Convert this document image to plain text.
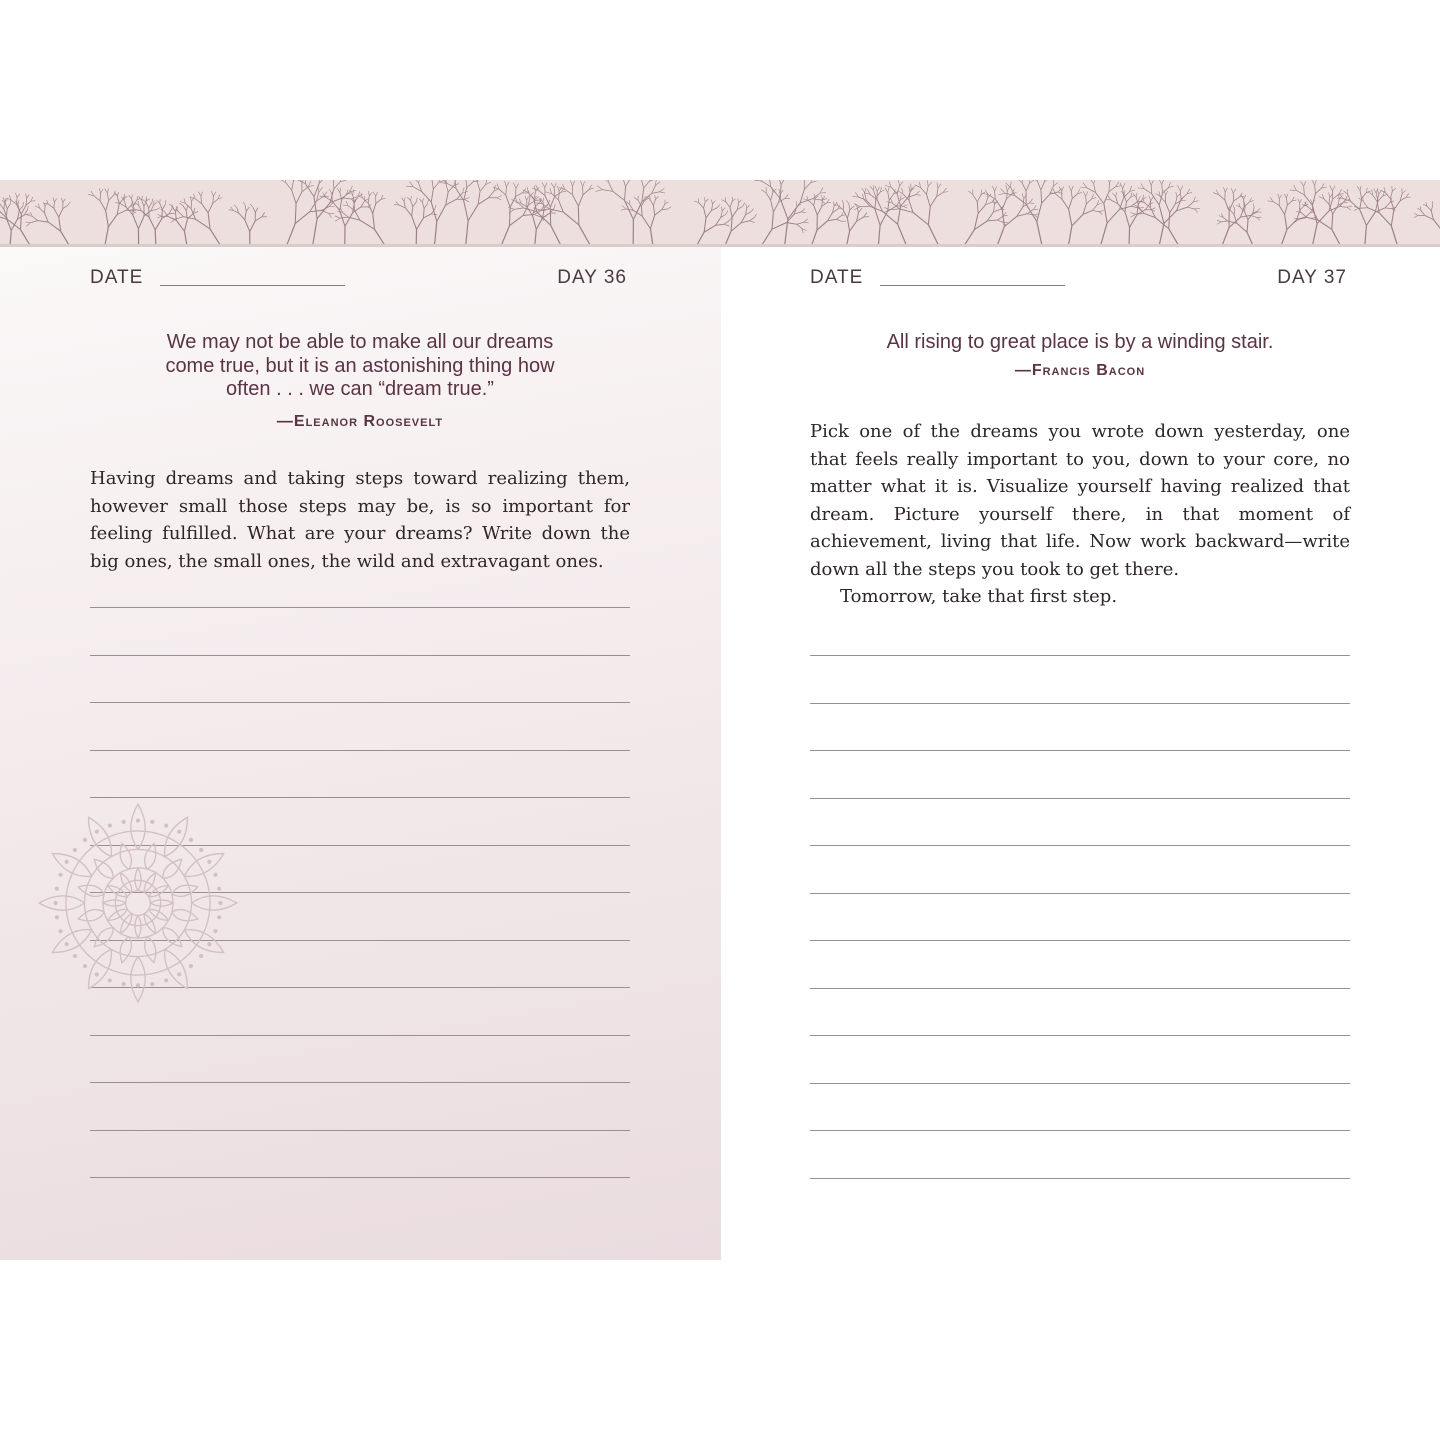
DATE	DAY 36
We may not be able to make all our dreams come true, but it is an astonishing thing how often . . . we can “dream true.”
—Eleanor Roosevelt

Having dreams and taking steps toward realizing them, however small those steps may be, is so important for feeling fulfilled. What are your dreams? Write down the big ones, the small ones, the wild and extravagant ones.

DATE	DAY 37
All rising to great place is by a winding stair.
—Francis Bacon

Pick one of the dreams you wrote down yesterday, one that feels really important to you, down to your core, no matter what it is. Visualize yourself having realized that dream. Picture yourself there, in that moment of achievement, living that life. Now work backward—write down all the steps you took to get there.

Tomorrow, take that first step.
